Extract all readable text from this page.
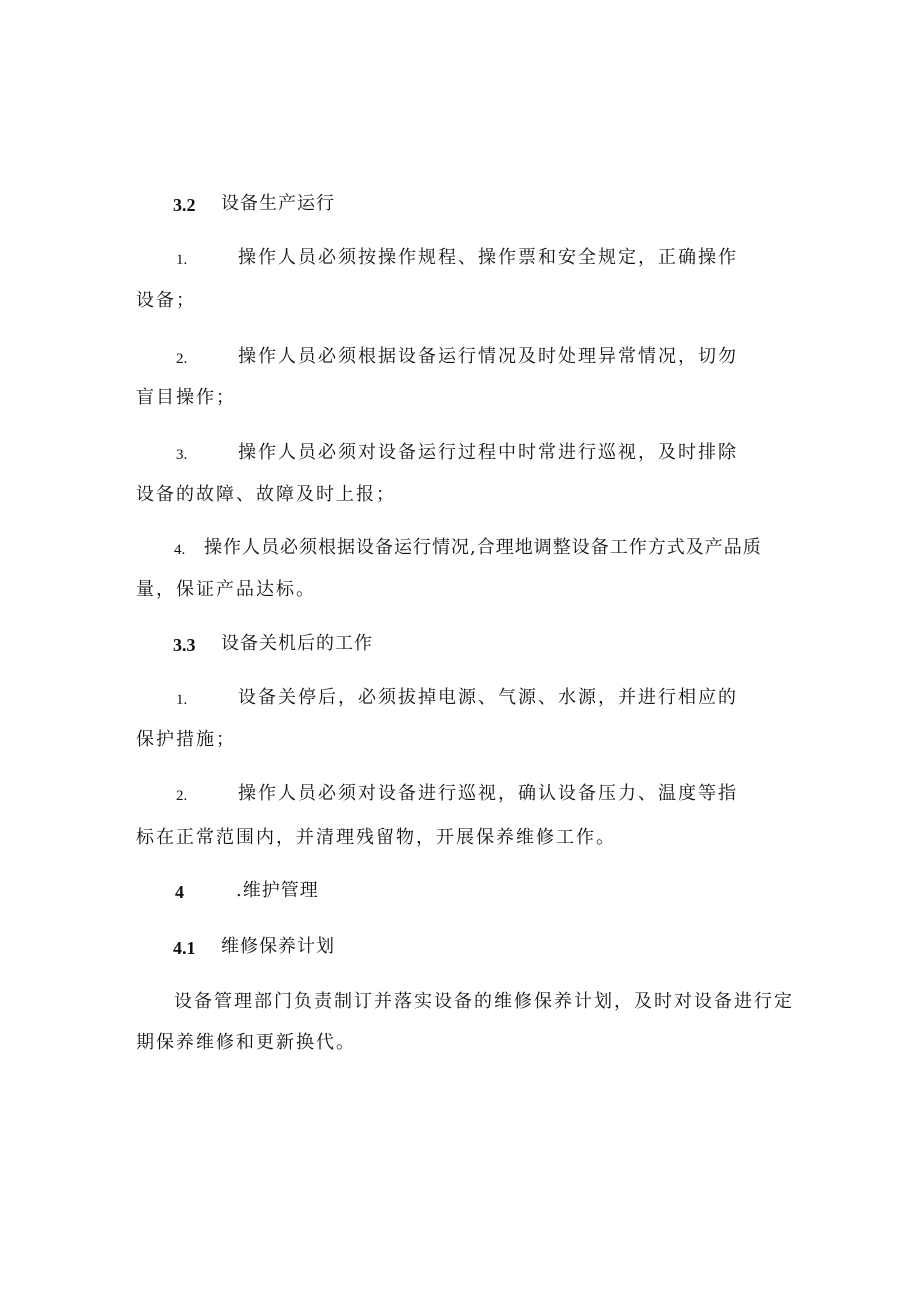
3.2 设备生产运行
1.	操作人员必须按操作规程、操作票和安全规定，正确操作
设备；
2.	操作人员必须根据设备运行情况及时处理异常情况，切勿
盲目操作；
3.	操作人员必须对设备运行过程中时常进行巡视，及时排除
设备的故障、故障及时上报；
4. 操作人员必须根据设备运行情况,合理地调整设备工作方式及产品质
量，保证产品达标。
3.3 设备关机后的工作
1.	设备关停后，必须拔掉电源、气源、水源，并进行相应的
保护措施；
2.	操作人员必须对设备进行巡视，确认设备压力、温度等指
标在正常范围内，并清理残留物，开展保养维修工作。
4	.维护管理
4.1 维修保养计划
设备管理部门负责制订并落实设备的维修保养计划，及时对设备进行定
期保养维修和更新换代。
